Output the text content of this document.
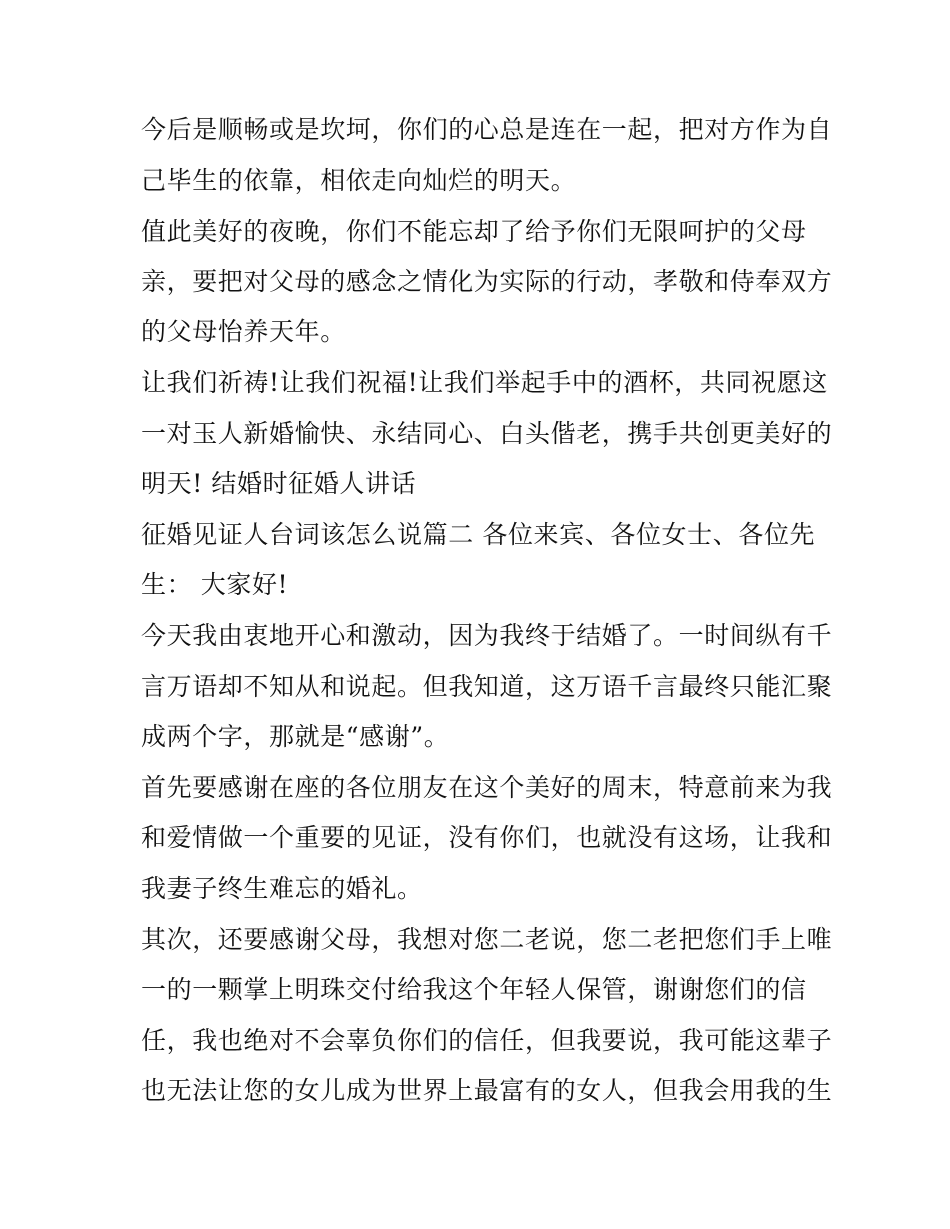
今后是顺畅或是坎坷，你们的心总是连在一起，把对方作为自
己毕生的依靠，相依走向灿烂的明天。
值此美好的夜晚，你们不能忘却了给予你们无限呵护的父母
亲，要把对父母的感念之情化为实际的行动，孝敬和侍奉双方
的父母怡养天年。
让我们祈祷!让我们祝福!让我们举起手中的酒杯，共同祝愿这
一对玉人新婚愉快、永结同心、白头偕老，携手共创更美好的
明天! 结婚时征婚人讲话
征婚见证人台词该怎么说篇二 各位来宾、各位女士、各位先
生： 大家好!
今天我由衷地开心和激动，因为我终于结婚了。一时间纵有千
言万语却不知从和说起。但我知道，这万语千言最终只能汇聚
成两个字，那就是“感谢”。
首先要感谢在座的各位朋友在这个美好的周末，特意前来为我
和爱情做一个重要的见证，没有你们，也就没有这场，让我和
我妻子终生难忘的婚礼。
其次，还要感谢父母，我想对您二老说，您二老把您们手上唯
一的一颗掌上明珠交付给我这个年轻人保管，谢谢您们的信
任，我也绝对不会辜负你们的信任，但我要说，我可能这辈子
也无法让您的女儿成为世界上最富有的女人，但我会用我的生
